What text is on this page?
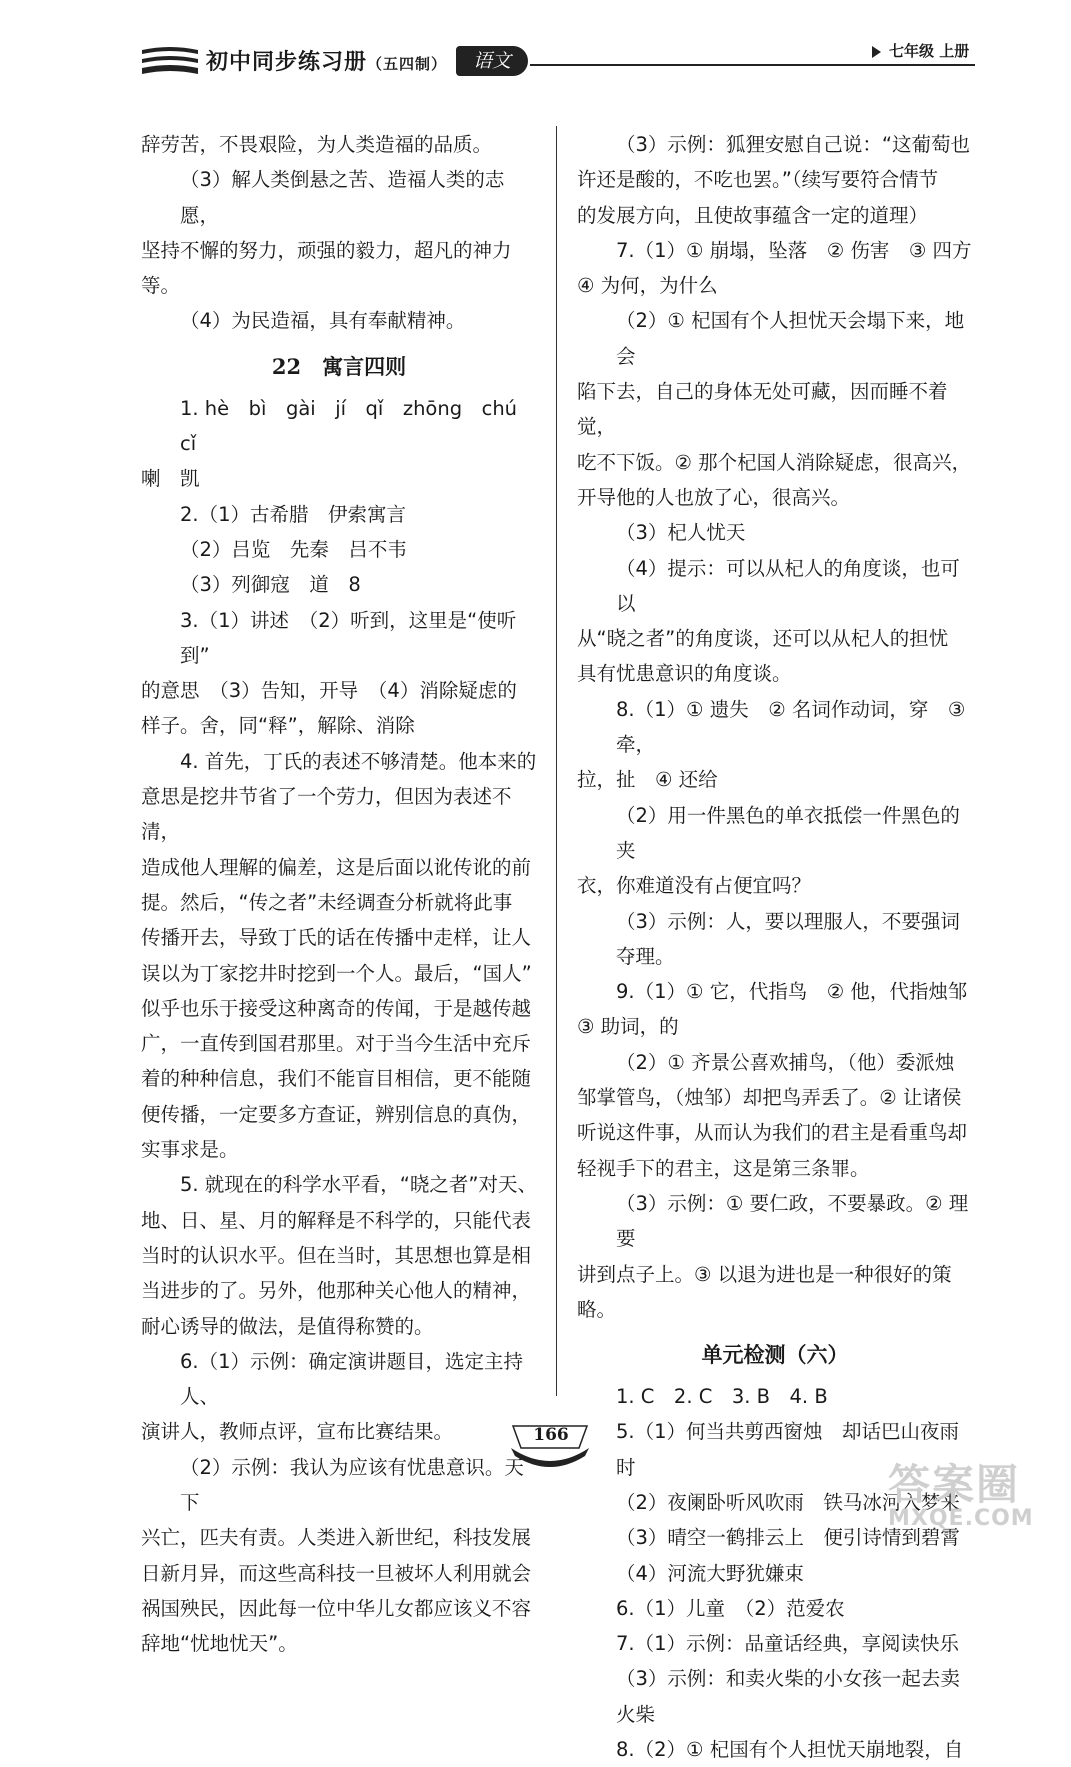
初中同步练习册（五四制）	语文	七年级 上册

辞劳苦，不畏艰险，为人类造福的品质。

（3）解人类倒悬之苦、造福人类的志愿，

坚持不懈的努力，顽强的毅力，超凡的神力等。

（4）为民造福，具有奉献精神。

22　寓言四则

1. hè　bì　gài　jí　qǐ　zhōng　chú　cǐ

喇　凯

2.（1）古希腊　伊索寓言

（2）吕览　先秦　吕不韦

（3）列御寇　道　8

3.（1）讲述　（2）听到，这里是“使听到”

的意思　（3）告知，开导　（4）消除疑虑的

样子。舍，同“释”，解除、消除

4. 首先，丁氏的表述不够清楚。他本来的

意思是挖井节省了一个劳力，但因为表述不清，

造成他人理解的偏差，这是后面以讹传讹的前

提。然后，“传之者”未经调查分析就将此事

传播开去，导致丁氏的话在传播中走样，让人

误以为丁家挖井时挖到一个人。最后，“国人”

似乎也乐于接受这种离奇的传闻，于是越传越

广，一直传到国君那里。对于当今生活中充斥

着的种种信息，我们不能盲目相信，更不能随

便传播，一定要多方查证，辨别信息的真伪，

实事求是。

5. 就现在的科学水平看，“晓之者”对天、

地、日、星、月的解释是不科学的，只能代表

当时的认识水平。但在当时，其思想也算是相

当进步的了。另外，他那种关心他人的精神，

耐心诱导的做法，是值得称赞的。

6.（1）示例：确定演讲题目，选定主持人、

演讲人，教师点评，宣布比赛结果。

（2）示例：我认为应该有忧患意识。天下

兴亡，匹夫有责。人类进入新世纪，科技发展

日新月异，而这些高科技一旦被坏人利用就会

祸国殃民，因此每一位中华儿女都应该义不容

辞地“忧地忧天”。

（3）示例：狐狸安慰自己说：“这葡萄也

许还是酸的，不吃也罢。”（续写要符合情节

的发展方向，且使故事蕴含一定的道理）

7.（1）① 崩塌，坠落　② 伤害　③ 四方

④ 为何，为什么

（2）① 杞国有个人担忧天会塌下来，地会

陷下去，自己的身体无处可藏，因而睡不着觉，

吃不下饭。② 那个杞国人消除疑虑，很高兴，

开导他的人也放了心，很高兴。

（3）杞人忧天

（4）提示：可以从杞人的角度谈，也可以

从“晓之者”的角度谈，还可以从杞人的担忧

具有忧患意识的角度谈。

8.（1）① 遗失　② 名词作动词，穿　③ 牵，

拉，扯　④ 还给

（2）用一件黑色的单衣抵偿一件黑色的夹

衣，你难道没有占便宜吗？

（3）示例：人，要以理服人，不要强词夺理。

9.（1）① 它，代指鸟　② 他，代指烛邹

③ 助词，的

（2）① 齐景公喜欢捕鸟，（他）委派烛

邹掌管鸟，（烛邹）却把鸟弄丢了。② 让诸侯

听说这件事，从而认为我们的君主是看重鸟却

轻视手下的君主，这是第三条罪。

（3）示例：① 要仁政，不要暴政。② 理要

讲到点子上。③ 以退为进也是一种很好的策略。

单元检测（六）

1. C　2. C　3. B　4. B

5.（1）何当共剪西窗烛　却话巴山夜雨时

（2）夜阑卧听风吹雨　铁马冰河入梦来

（3）晴空一鹤排云上　便引诗情到碧霄

（4）河流大野犹嫌束

6.（1）儿童　（2）范爱农

7.（1）示例：品童话经典，享阅读快乐

（3）示例：和卖火柴的小女孩一起去卖火柴

8.（2）① 杞国有个人担忧天崩地裂，自

166
答案圈
MXQE.COM
